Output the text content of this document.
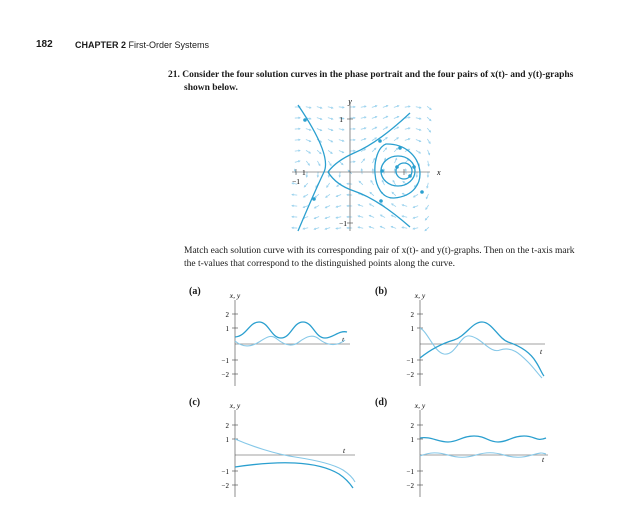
182 CHAPTER 2 First-Order Systems
21. Consider the four solution curves in the phase portrait and the four pairs of x(t)- and y(t)-graphs shown below.
y
x
1
−1
−1
1
Match each solution curve with its corresponding pair of x(t)- and y(t)-graphs. Then on the t-axis mark the t-values that correspond to the distinguished points along the curve.
(a)	x, y
t
2
1
−1
−2
(b)	x, y
t
2
1
−1
−2
(c)	x, y
t
2
1
−1
−2
(d)	x, y
t
2
1
−1
−2
